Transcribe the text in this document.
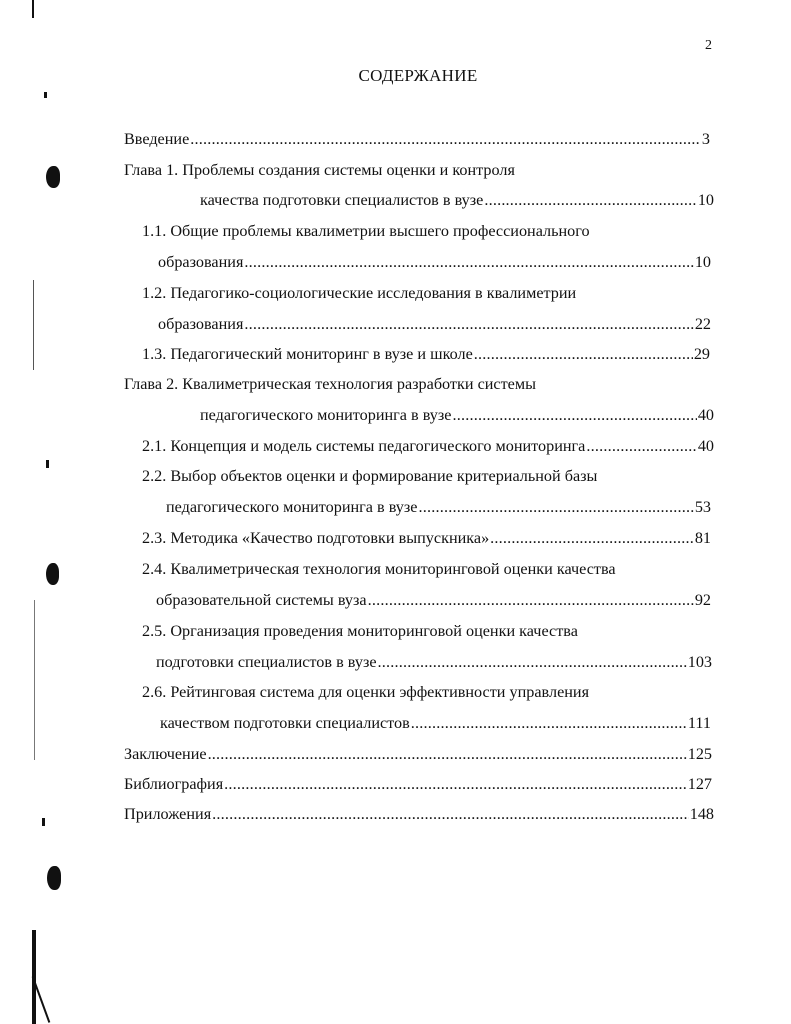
2
СОДЕРЖАНИЕ
Введение .....	3
Глава 1. Проблемы создания системы оценки и контроля
качества подготовки специалистов в вузе .....	10
1.1. Общие проблемы квалиметрии высшего профессионального
образования .....	10
1.2. Педагогико-социологические исследования в квалиметрии
образования .....	22
1.3. Педагогический мониторинг в вузе и школе .....	29
Глава 2. Квалиметрическая технология разработки системы
педагогического мониторинга в вузе .....	40
2.1. Концепция и модель системы педагогического мониторинга .....	40
2.2. Выбор объектов оценки и формирование критериальной базы
педагогического мониторинга в вузе .....	53
2.3. Методика «Качество подготовки выпускника» .....	81
2.4. Квалиметрическая технология мониторинговой оценки качества
образовательной системы вуза .....	92
2.5. Организация проведения мониторинговой оценки качества
подготовки специалистов в вузе .....	103
2.6. Рейтинговая система для оценки эффективности управления
качеством подготовки специалистов .....	111
Заключение .....	125
Библиография .....	127
Приложения .....	148
